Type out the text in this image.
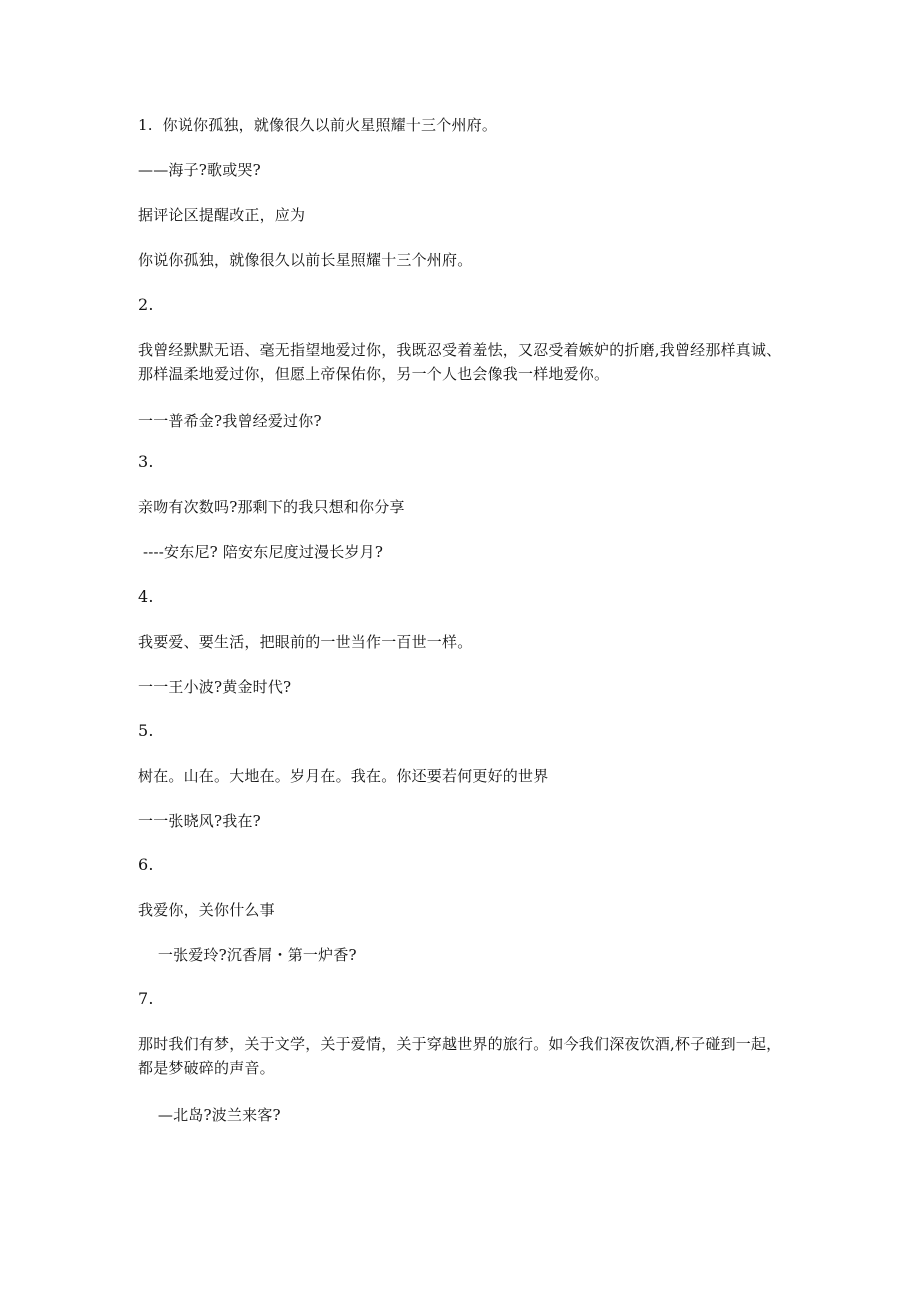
1.  你说你孤独，就像很久以前火星照耀十三个州府。
——海子?歌或哭?
据评论区提醒改正，应为
你说你孤独，就像很久以前长星照耀十三个州府。
2.
我曾经默默无语、毫无指望地爱过你，我既忍受着羞怯，又忍受着嫉妒的折磨,我曾经那样真诚、那样温柔地爱过你，但愿上帝保佑你，另一个人也会像我一样地爱你。
一一普希金?我曾经爱过你?
3.
亲吻有次数吗?那剩下的我只想和你分享
----安东尼? 陪安东尼度过漫长岁月?
4.
我要爱、要生活，把眼前的一世当作一百世一样。
一一王小波?黄金时代?
5.
树在。山在。大地在。岁月在。我在。你还要若何更好的世界
一一张晓风?我在?
6.
我爱你，关你什么事
一张爱玲?沉香屑・第一炉香?
7.
那时我们有梦，关于文学，关于爱情，关于穿越世界的旅行。如今我们深夜饮酒,杯子碰到一起，都是梦破碎的声音。
—北岛?波兰来客?
